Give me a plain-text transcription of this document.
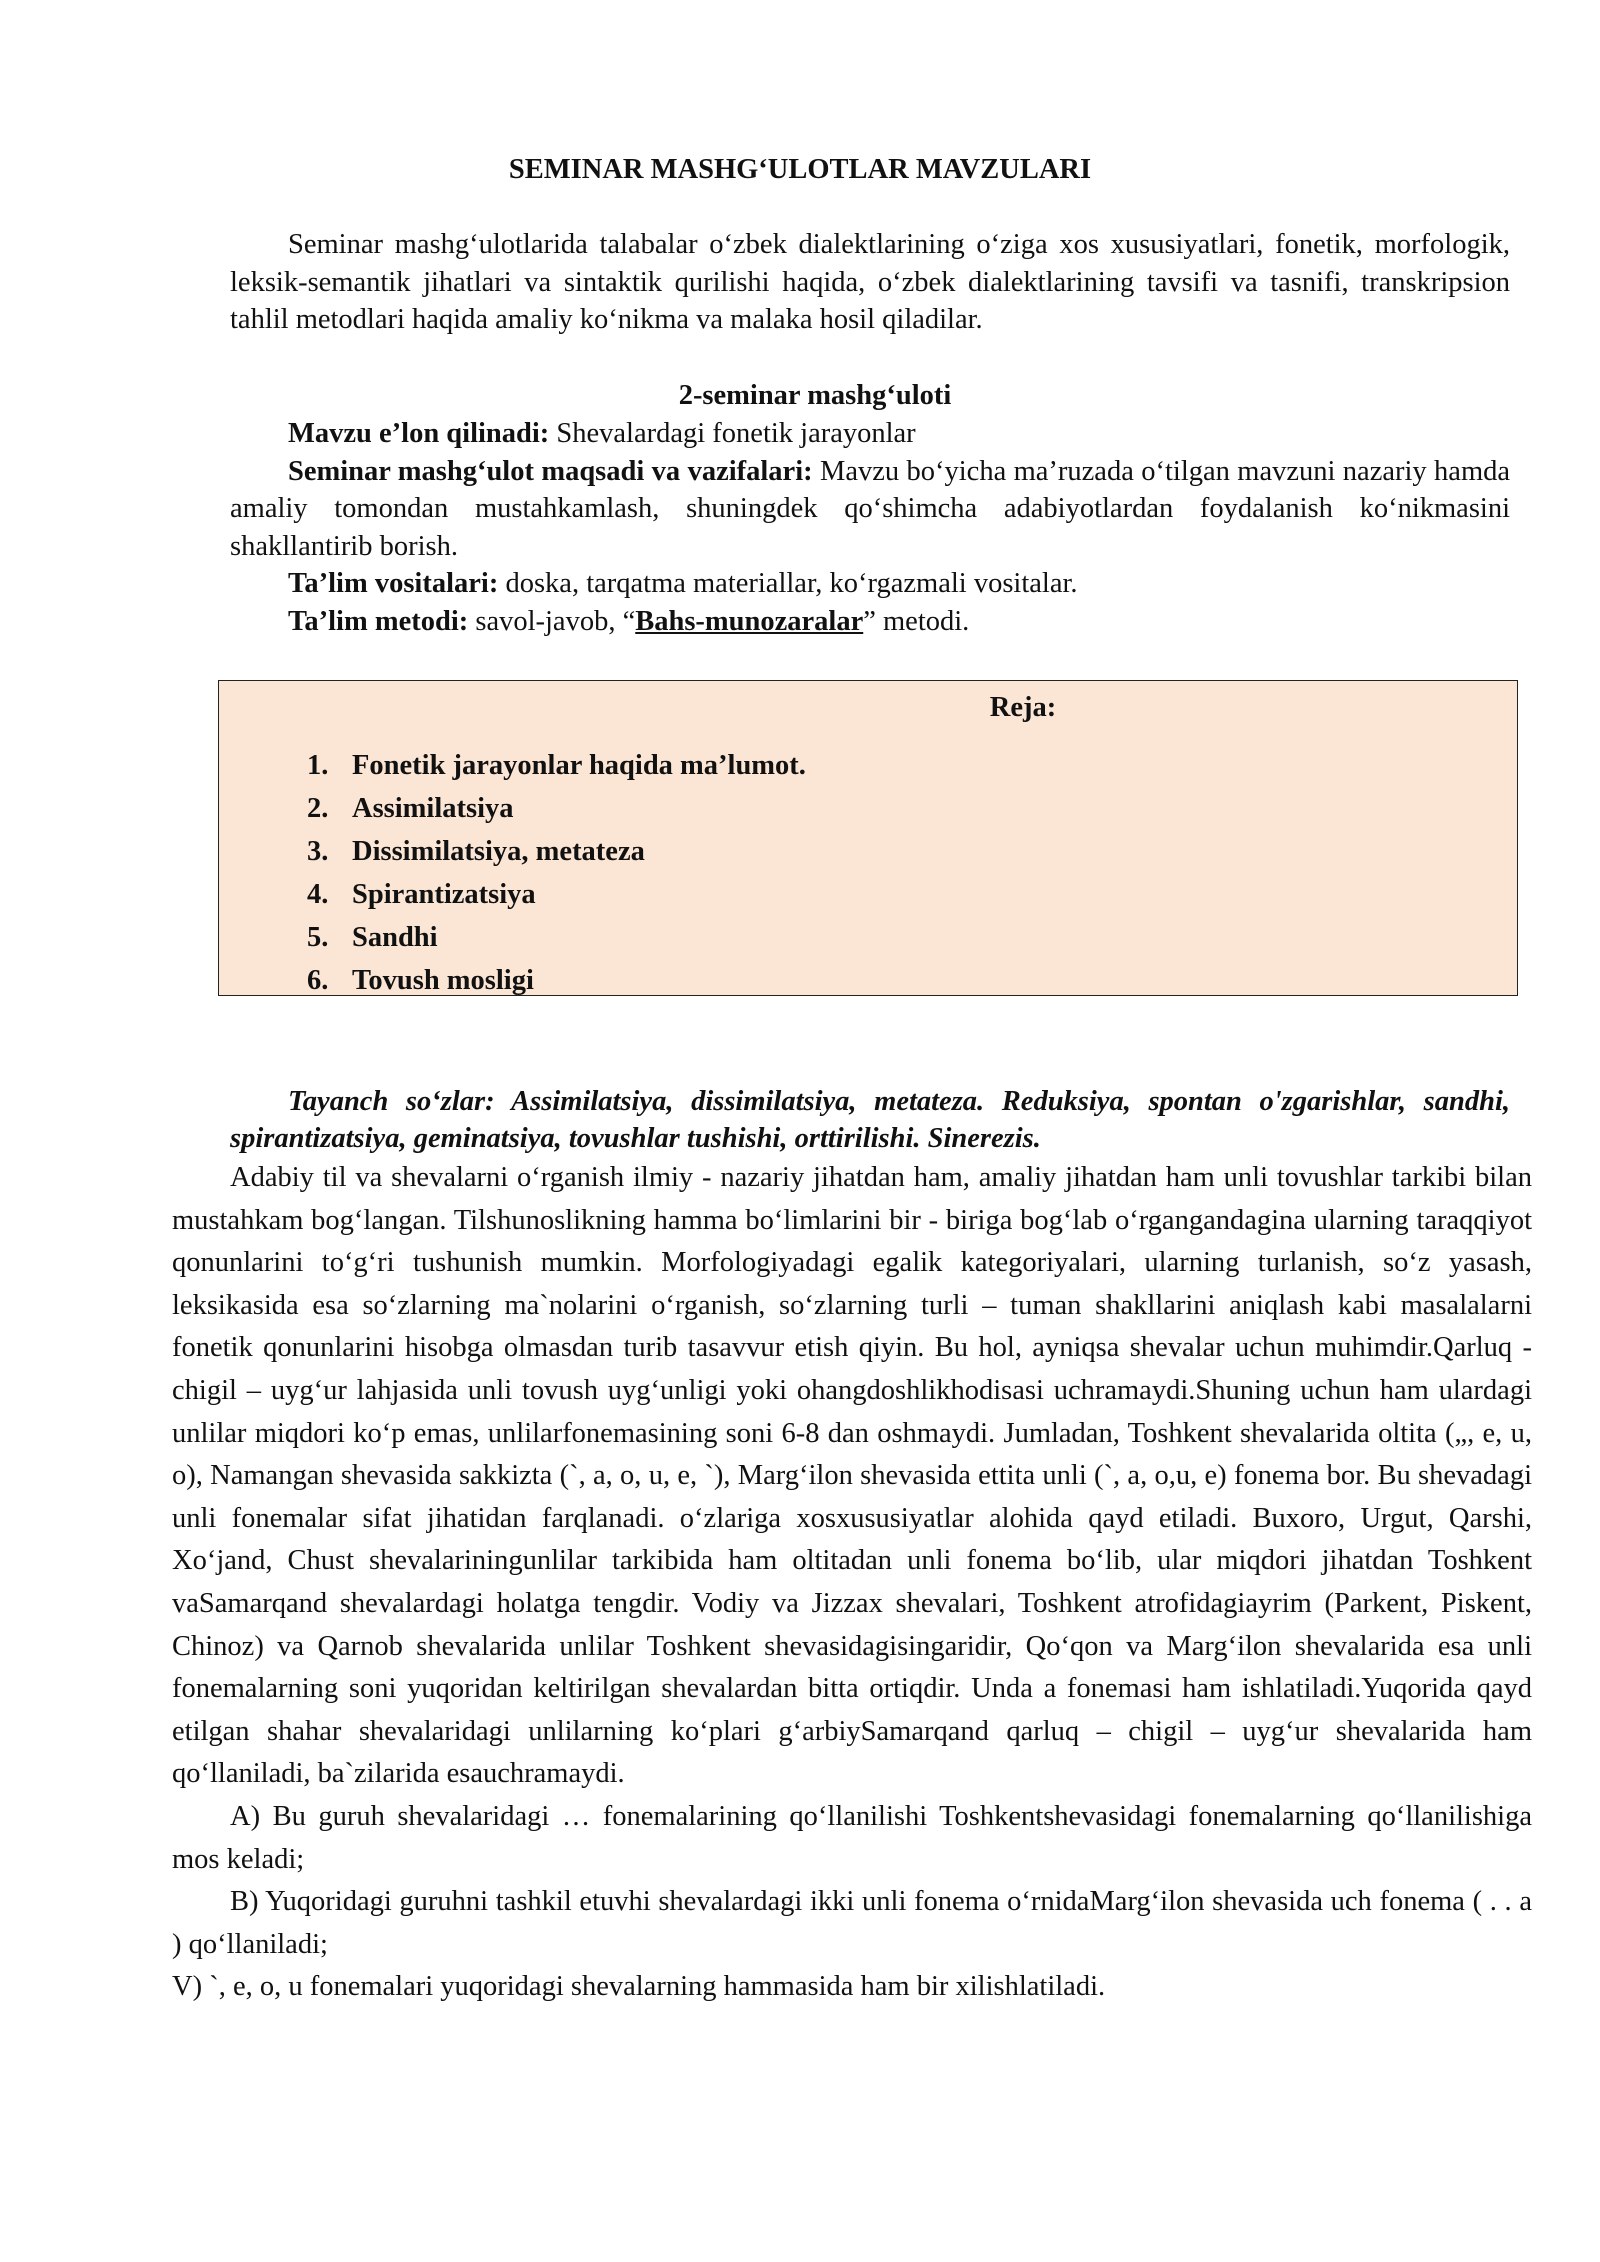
SEMINAR MASHG‘ULOTLAR MAVZULARI
Seminar mashg‘ulotlarida talabalar o‘zbek dialektlarining o‘ziga xos xususiyatlari, fonetik, morfologik, leksik-semantik jihatlari va sintaktik qurilishi haqida, o‘zbek dialektlarining tavsifi va tasnifi, transkripsion tahlil metodlari haqida amaliy ko‘nikma va malaka hosil qiladilar.
2-seminar mashg‘uloti

Mavzu e’lon qilinadi: Shevalardagi fonetik jarayonlar

Seminar mashg‘ulot maqsadi va vazifalari: Mavzu bo‘yicha ma’ruzada o‘tilgan mavzuni nazariy hamda amaliy tomondan mustahkamlash, shuningdek qo‘shimcha adabiyotlardan foydalanish ko‘nikmasini shakllantirib borish.

Ta’lim vositalari: doska, tarqatma materiallar, ko‘rgazmali vositalar.

Ta’lim metodi: savol-javob, “Bahs-munozaralar” metodi.

Reja:
1. Fonetik jarayonlar haqida ma’lumot.
2. Assimilatsiya
3. Dissimilatsiya, metateza
4. Spirantizatsiya
5. Sandhi
6. Tovush mosligi
Tayanch so‘zlar: Assimilatsiya, dissimilatsiya, metateza. Reduksiya, spontan o'zgarishlar, sandhi, spirantizatsiya, geminatsiya, tovushlar tushishi, orttirilishi. Sinerezis.

Adabiy til va shevalarni o‘rganish ilmiy - nazariy jihatdan ham, amaliy jihatdan ham unli tovushlar tarkibi bilan mustahkam bog‘langan. Tilshunoslikning hamma bo‘limlarini bir - biriga bog‘lab o‘rgangandagina ularning taraqqiyot qonunlarini to‘g‘ri tushunish mumkin. Morfologiyadagi egalik kategoriyalari, ularning turlanish, so‘z yasash, leksikasida esa so‘zlarning ma`nolarini o‘rganish, so‘zlarning turli – tuman shakllarini aniqlash kabi masalalarni fonetik qonunlarini hisobga olmasdan turib tasavvur etish qiyin. Bu hol, ayniqsa shevalar uchun muhimdir.Qarluq - chigil – uyg‘ur lahjasida unli tovush uyg‘unligi yoki ohangdoshlikhodisasi uchramaydi.Shuning uchun ham ulardagi unlilar miqdori ko‘p emas, unlilarfonemasining soni 6-8 dan oshmaydi. Jumladan, Toshkent shevalarida oltita („, e, u, o), Namangan shevasida sakkizta (`, a, o, u, e, `), Marg‘ilon shevasida ettita unli (`, a, o,u, e) fonema bor. Bu shevadagi unli fonemalar sifat jihatidan farqlanadi. o‘zlariga xosxususiyatlar alohida qayd etiladi. Buxoro, Urgut, Qarshi, Xo‘jand, Chust shevalariningunlilar tarkibida ham oltitadan unli fonema bo‘lib, ular miqdori jihatdan Toshkent vaSamarqand shevalardagi holatga tengdir. Vodiy va Jizzax shevalari, Toshkent atrofidagiayrim (Parkent, Piskent, Chinoz) va Qarnob shevalarida unlilar Toshkent shevasidagisingaridir, Qo‘qon va Marg‘ilon shevalarida esa unli fonemalarning soni yuqoridan keltirilgan shevalardan bitta ortiqdir. Unda a fonemasi ham ishlatiladi.Yuqorida qayd etilgan shahar shevalaridagi unlilarning ko‘plari g‘arbiySamarqand qarluq – chigil – uyg‘ur shevalarida ham qo‘llaniladi, ba`zilarida esauchramaydi.

A) Bu guruh shevalaridagi … fonemalarining qo‘llanilishi Toshkentshevasidagi fonemalarning qo‘llanilishiga mos keladi;

B) Yuqoridagi guruhni tashkil etuvhi shevalardagi ikki unli fonema o‘rnidaMarg‘ilon shevasida uch fonema ( . . a ) qo‘llaniladi;

V) `, e, o, u fonemalari yuqoridagi shevalarning hammasida ham bir xilishlatiladi.
